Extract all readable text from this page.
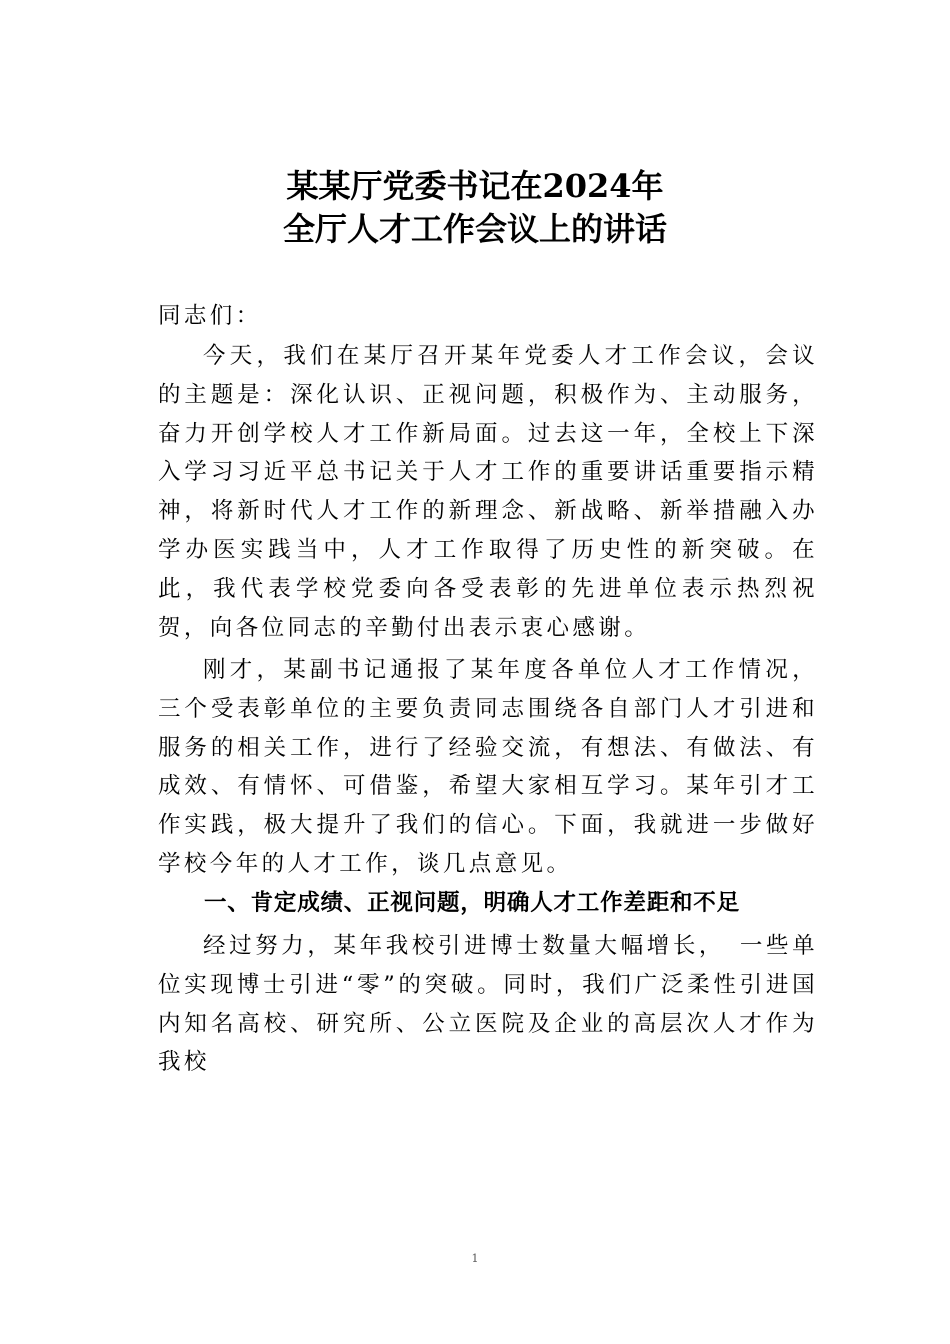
某某厅党委书记在2024年
全厅人才工作会议上的讲话
同志们：
今天，我们在某厅召开某年党委人才工作会议，会议的主题是：深化认识、正视问题，积极作为、主动服务，奋力开创学校人才工作新局面。过去这一年，全校上下深入学习习近平总书记关于人才工作的重要讲话重要指示精神，将新时代人才工作的新理念、新战略、新举措融入办学办医实践当中，人才工作取得了历史性的新突破。在此，我代表学校党委向各受表彰的先进单位表示热烈祝贺，向各位同志的辛勤付出表示衷心感谢。
刚才，某副书记通报了某年度各单位人才工作情况，三个受表彰单位的主要负责同志围绕各自部门人才引进和服务的相关工作，进行了经验交流，有想法、有做法、有成效、有情怀、可借鉴，希望大家相互学习。某年引才工作实践，极大提升了我们的信心。下面，我就进一步做好学校今年的人才工作，谈几点意见。
一、肯定成绩、正视问题，明确人才工作差距和不足
经过努力，某年我校引进博士数量大幅增长，　一些单位实现博士引进“零”的突破。同时，我们广泛柔性引进国内知名高校、研究所、公立医院及企业的高层次人才作为我校
1
